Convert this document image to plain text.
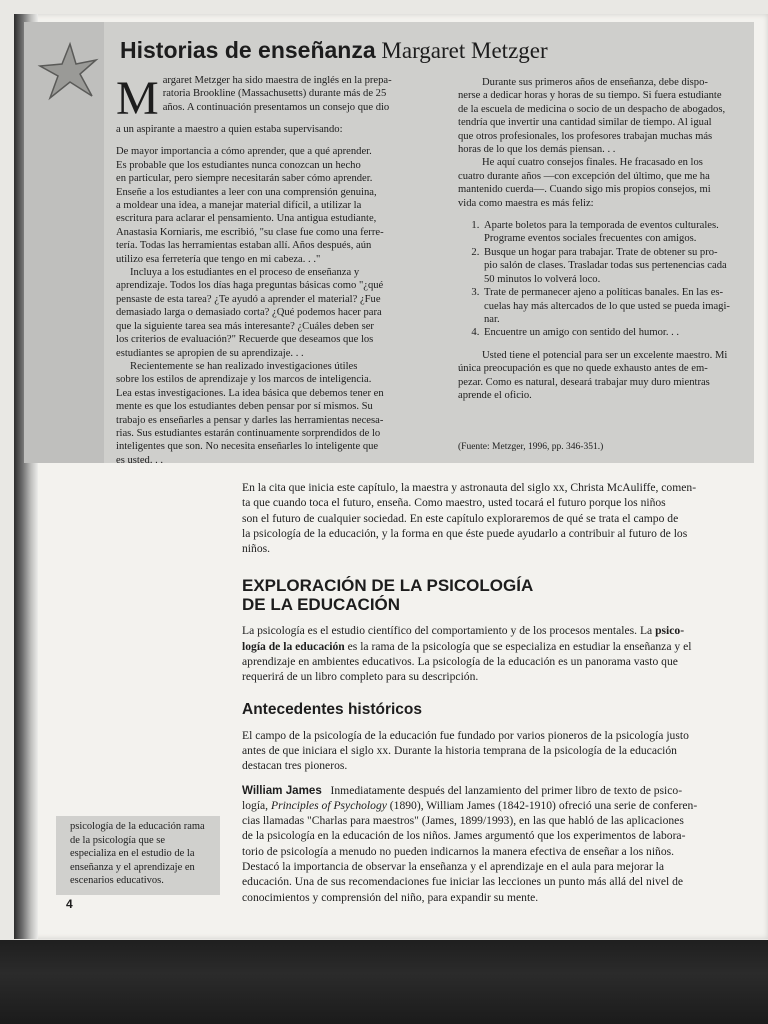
Historias de enseñanza Margaret Metzger
M argaret Metzger ha sido maestra de inglés en la prepa-
ratoria Brookline (Massachusetts) durante más de 25
años. A continuación presentamos un consejo que dio
a un aspirante a maestro a quien estaba supervisando:

De mayor importancia a cómo aprender, que a qué aprender.
Es probable que los estudiantes nunca conozcan un hecho
en particular, pero siempre necesitarán saber cómo aprender.
Enseñe a los estudiantes a leer con una comprensión genuina,
a moldear una idea, a manejar material difícil, a utilizar la
escritura para aclarar el pensamiento. Una antigua estudiante,
Anastasia Korniaris, me escribió, "su clase fue como una ferre-
tería. Todas las herramientas estaban allí. Años después, aún
utilizo esa ferretería que tengo en mi cabeza. . ."

Incluya a los estudiantes en el proceso de enseñanza y
aprendizaje. Todos los días haga preguntas básicas como "¿qué
pensaste de esta tarea? ¿Te ayudó a aprender el material? ¿Fue
demasiado larga o demasiado corta? ¿Qué podemos hacer para
que la siguiente tarea sea más interesante? ¿Cuáles deben ser
los criterios de evaluación?" Recuerde que deseamos que los
estudiantes se apropien de su aprendizaje. . .

Recientemente se han realizado investigaciones útiles
sobre los estilos de aprendizaje y los marcos de inteligencia.
Lea estas investigaciones. La idea básica que debemos tener en
mente es que los estudiantes deben pensar por sí mismos. Su
trabajo es enseñarles a pensar y darles las herramientas necesa-
rias. Sus estudiantes estarán continuamente sorprendidos de lo
inteligentes que son. No necesita enseñarles lo inteligente que
es usted. . .

Durante sus primeros años de enseñanza, debe dispo-
nerse a dedicar horas y horas de su tiempo. Si fuera estudiante
de la escuela de medicina o socio de un despacho de abogados,
tendría que invertir una cantidad similar de tiempo. Al igual
que otros profesionales, los profesores trabajan muchas más
horas de lo que los demás piensan. . .

He aquí cuatro consejos finales. He fracasado en los
cuatro durante años —con excepción del último, que me ha
mantenido cuerda—. Cuando sigo mis propios consejos, mi
vida como maestra es más feliz:

1. Aparte boletos para la temporada de eventos culturales.
Programe eventos sociales frecuentes con amigos.
2. Busque un hogar para trabajar. Trate de obtener su pro-
pio salón de clases. Trasladar todas sus pertenencias cada
50 minutos lo volverá loco.
3. Trate de permanecer ajeno a políticas banales. En las es-
cuelas hay más altercados de lo que usted se pueda imagi-
nar.
4. Encuentre un amigo con sentido del humor. . .

Usted tiene el potencial para ser un excelente maestro. Mi
única preocupación es que no quede exhausto antes de em-
pezar. Como es natural, deseará trabajar muy duro mientras
aprende el oficio.

(Fuente: Metzger, 1996, pp. 346-351.)

En la cita que inicia este capítulo, la maestra y astronauta del siglo xx, Christa McAuliffe, comen-
ta que cuando toca el futuro, enseña. Como maestro, usted tocará el futuro porque los niños
son el futuro de cualquier sociedad. En este capítulo exploraremos de qué se trata el campo de
la psicología de la educación, y la forma en que éste puede ayudarlo a contribuir al futuro de los
niños.

EXPLORACIÓN DE LA PSICOLOGÍA
DE LA EDUCACIÓN

La psicología es el estudio científico del comportamiento y de los procesos mentales. La psico-
logía de la educación es la rama de la psicología que se especializa en estudiar la enseñanza y el
aprendizaje en ambientes educativos. La psicología de la educación es un panorama vasto que
requerirá de un libro completo para su descripción.

Antecedentes históricos

El campo de la psicología de la educación fue fundado por varios pioneros de la psicología justo
antes de que iniciara el siglo xx. Durante la historia temprana de la psicología de la educación
destacan tres pioneros.

William James Inmediatamente después del lanzamiento del primer libro de texto de psico-
logía, Principles of Psychology (1890), William James (1842-1910) ofreció una serie de conferen-
cias llamadas "Charlas para maestros" (James, 1899/1993), en las que habló de las aplicaciones
de la psicología en la educación de los niños. James argumentó que los experimentos de labora-
torio de psicología a menudo no pueden indicarnos la manera efectiva de enseñar a los niños.
Destacó la importancia de observar la enseñanza y el aprendizaje en el aula para mejorar la
educación. Una de sus recomendaciones fue iniciar las lecciones un punto más allá del nivel de
conocimientos y comprensión del niño, para expandir su mente.

psicología de la educación rama de la psicología que se
especializa en el estudio de la
enseñanza y el aprendizaje en
escenarios educativos.
4
